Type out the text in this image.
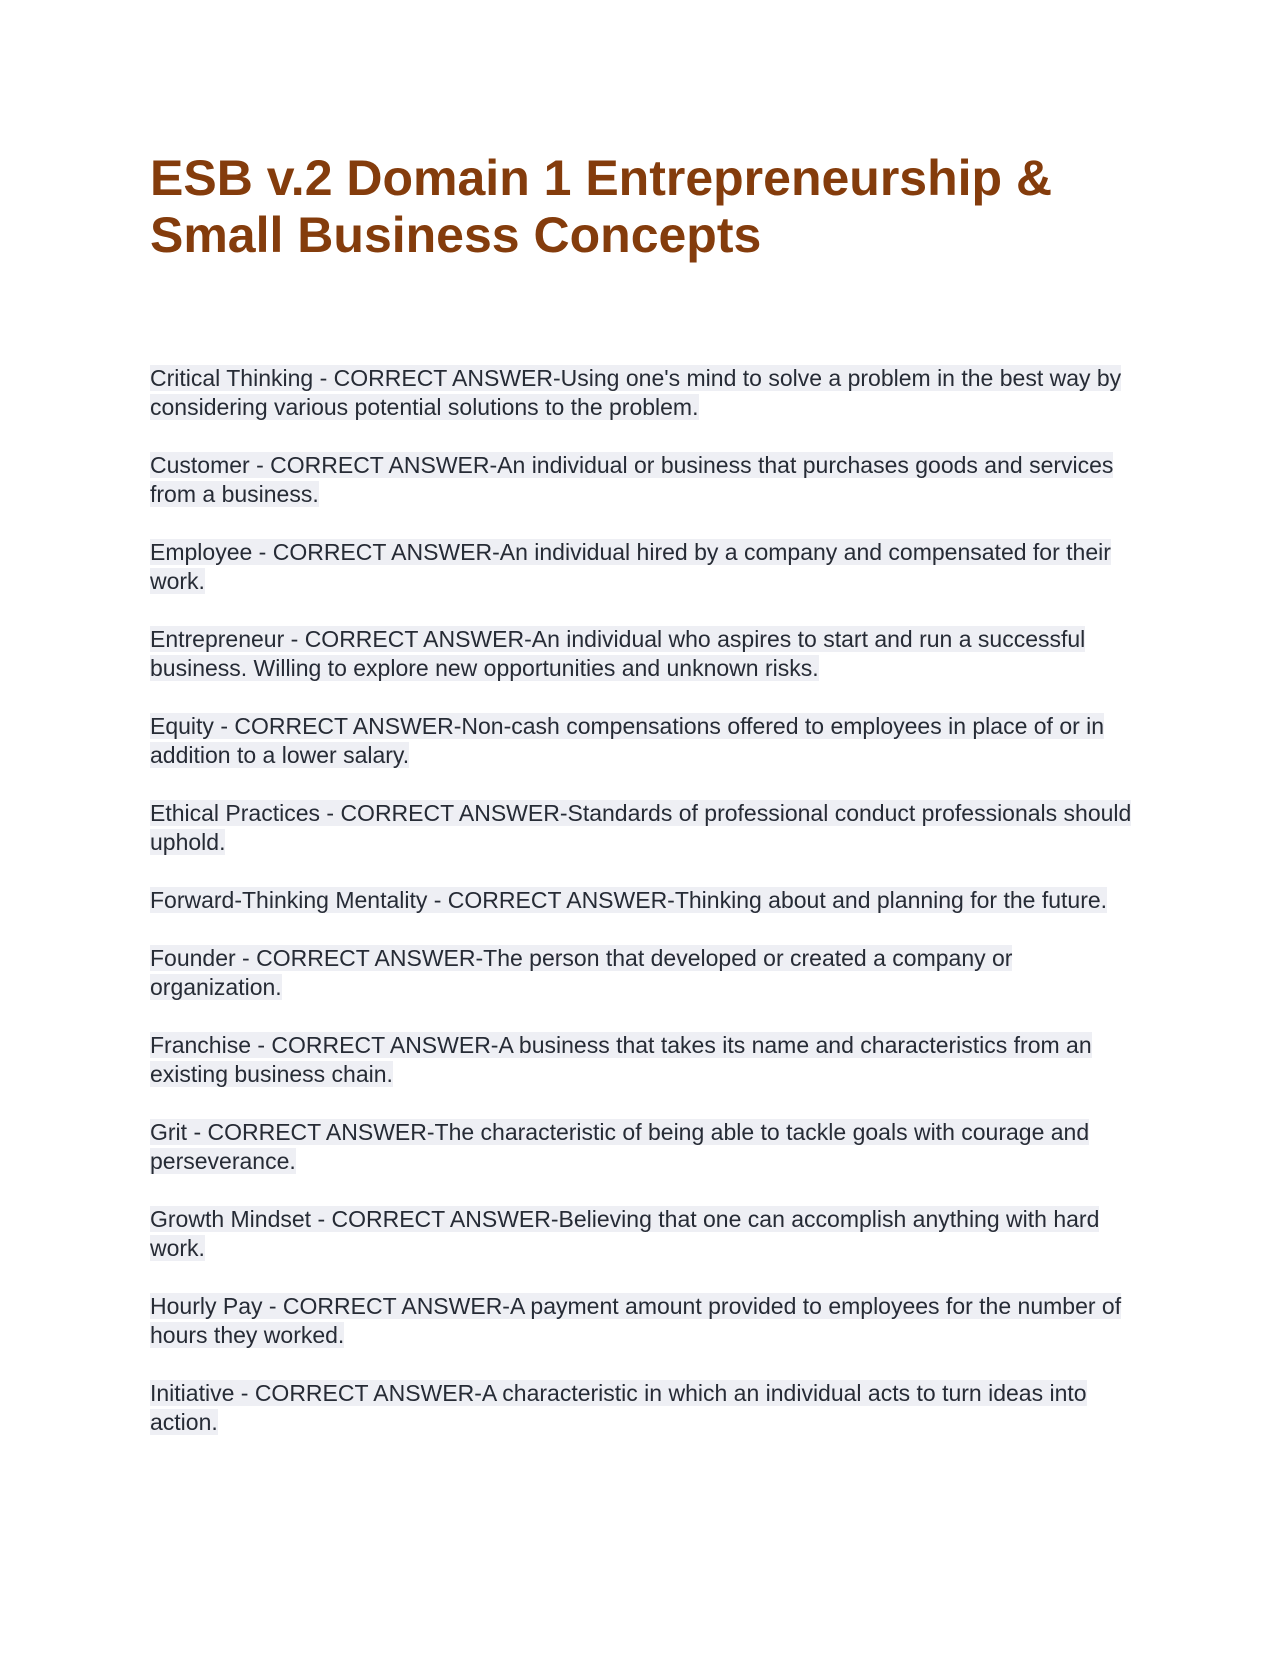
ESB v.2 Domain 1 Entrepreneurship & Small Business Concepts

Critical Thinking - CORRECT ANSWER-Using one's mind to solve a problem in the best way by considering various potential solutions to the problem.

Customer - CORRECT ANSWER-An individual or business that purchases goods and services from a business.

Employee - CORRECT ANSWER-An individual hired by a company and compensated for their work.

Entrepreneur - CORRECT ANSWER-An individual who aspires to start and run a successful business. Willing to explore new opportunities and unknown risks.

Equity - CORRECT ANSWER-Non-cash compensations offered to employees in place of or in addition to a lower salary.

Ethical Practices - CORRECT ANSWER-Standards of professional conduct professionals should uphold.

Forward-Thinking Mentality - CORRECT ANSWER-Thinking about and planning for the future.

Founder - CORRECT ANSWER-The person that developed or created a company or organization.

Franchise - CORRECT ANSWER-A business that takes its name and characteristics from an existing business chain.

Grit - CORRECT ANSWER-The characteristic of being able to tackle goals with courage and perseverance.

Growth Mindset - CORRECT ANSWER-Believing that one can accomplish anything with hard work.

Hourly Pay - CORRECT ANSWER-A payment amount provided to employees for the number of hours they worked.

Initiative - CORRECT ANSWER-A characteristic in which an individual acts to turn ideas into action.
